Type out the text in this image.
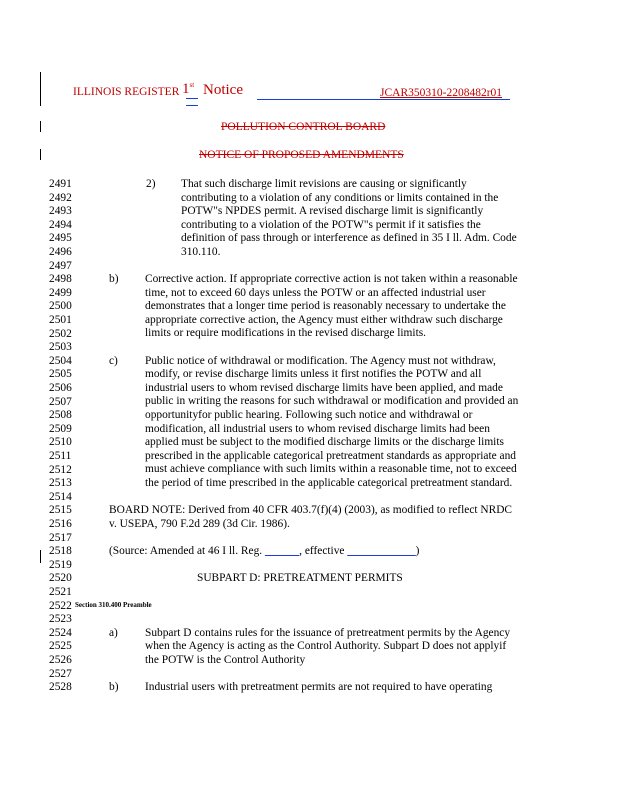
ILLINOIS REGISTER 1st Notice	JCAR350310-2208482r01
POLLUTION CONTROL BOARD
NOTICE OF PROPOSED AMENDMENTS
2491
2492
2493
2494
2495
2496
2497
2498
2499
2500
2501
2502
2503
2504
2505
2506
2507
2508
2509
2510
2511
2512
2513
2514
2515
2516
2517
2518
2519
2520
2521
2522
2523
2524
2525
2526
2527
2528
2) That such discharge limit revisions are causing or significantly
contributing to a violation of any conditions or limits contained in the
POTW"s NPDES permit. A revised discharge limit is significantly
contributing to a violation of the POTW"s permit if it satisfies the
definition of pass through or interference as defined in 35 I ll. Adm. Code
310.110.
b) Corrective action. If appropriate corrective action is not taken within a reasonable
time, not to exceed 60 days unless the POTW or an affected industrial user
demonstrates that a longer time period is reasonably necessary to undertake the
appropriate corrective action, the Agency must either withdraw such discharge
limits or require modifications in the revised discharge limits.
c) Public notice of withdrawal or modification. The Agency must not withdraw,
modify, or revise discharge limits unless it first notifies the POTW and all
industrial users to whom revised discharge limits have been applied, and made
public in writing the reasons for such withdrawal or modification and provided an
opportunityfor public hearing. Following such notice and withdrawal or
modification, all industrial users to whom revised discharge limits had been
applied must be subject to the modified discharge limits or the discharge limits
prescribed in the applicable categorical pretreatment standards as appropriate and
must achieve compliance with such limits within a reasonable time, not to exceed
the period of time prescribed in the applicable categorical pretreatment standard.
BOARD NOTE: Derived from 40 CFR 403.7(f)(4) (2003), as modified to reflect NRDC
v. USEPA, 790 F.2d 289 (3d Cir. 1986).
(Source: Amended at 46 I ll. Reg. ______, effective ____________)
SUBPART D: PRETREATMENT PERMITS
Section 310.400 Preamble
a) Subpart D contains rules for the issuance of pretreatment permits by the Agency
when the Agency is acting as the Control Authority. Subpart D does not applyif
the POTW is the Control Authority
b) Industrial users with pretreatment permits are not required to have operating
